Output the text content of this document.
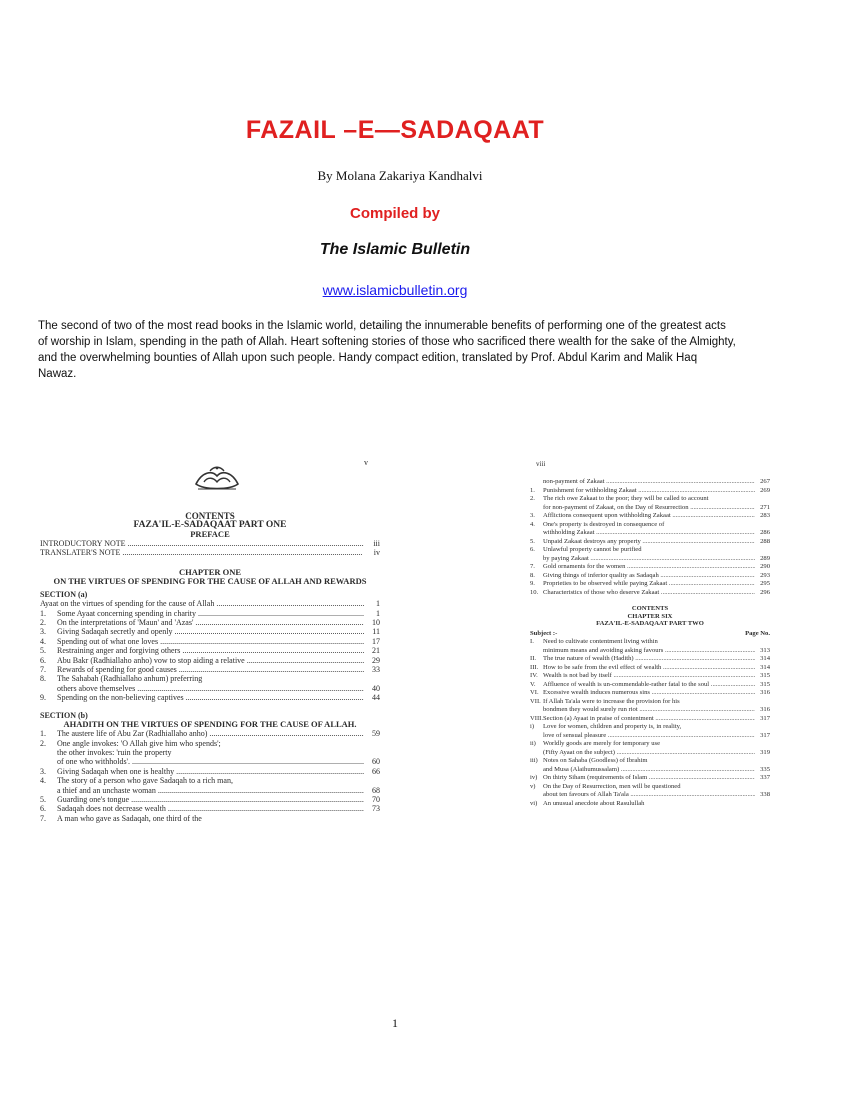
FAZAIL –E—SADAQAAT
By Molana Zakariya Kandhalvi
Compiled by
The Islamic Bulletin
www.islamicbulletin.org
The second of two of the most read books in the Islamic world, detailing the innumerable benefits of performing one of the greatest acts of worship in Islam, spending in the path of Allah. Heart softening stories of those who sacrificed there wealth for the sake of the Almighty, and the overwhelming bounties of Allah upon such people. Handy compact edition, translated by Prof. Abdul Karim and Malik Haq Nawaz.
v
CONTENTS
FAZA'IL-E-SADAQAAT PART ONE
PREFACE
INTRODUCTORY NOTE .....	iii
TRANSLATER'S NOTE .....	iv
CHAPTER ONE
ON THE VIRTUES OF SPENDING FOR THE CAUSE OF ALLAH AND REWARDS
SECTION (a)
Ayaat on the virtues of spending for the cause of Allah .....	1
1.	Some Ayaat concerning spending in charity .....	1
2.	On the interpretations of 'Maun' and 'Azas' .....	10
3.	Giving Sadaqah secretly and openly .....	11
4.	Spending out of what one loves .....	17
5.	Restraining anger and forgiving others .....	21
6.	Abu Bakr (Radhiallaho anho) vow to stop aiding a relative .....	29
7.	Rewards of spending for good causes .....	33
8.	The Sahabah (Radhiallaho anhum) preferring
others above themselves .....	40
9.	Spending on the non-believing captives .....	44
SECTION (b)
AHADITH ON THE VIRTUES OF SPENDING FOR THE CAUSE OF ALLAH.
1.	The austere life of Abu Zar (Radhiallaho anho) .....	59
2.	One angle invokes: 'O Allah give him who spends';
the other invokes: 'ruin the property
of one who withholds'. .....	60
3.	Giving Sadaqah when one is healthy .....	66
4.	The story of a person who gave Sadaqah to a rich man,
a thief and an unchaste woman .....	68
5.	Guarding one's tongue .....	70
6.	Sadaqah does not decrease wealth .....	73
7.	A man who gave as Sadaqah, one third of the
viii
non-payment of Zakaat .....	267
1.	Punishment for withholding Zakaat .....	269
2.	The rich owe Zakaat to the poor; they will be called to account
for non-payment of Zakaat, on the Day of Resurrection .....	271
3.	Afflictions consequent upon withholding Zakaat .....	283
4.	One's property is destroyed in consequence of
withholding Zakaat .....	286
5.	Unpaid Zakaat destroys any property .....	288
6.	Unlawful property cannot be purified
by paying Zakaat .....	289
7.	Gold ornaments for the women .....	290
8.	Giving things of inferior quality as Sadaqah .....	293
9.	Proprieties to be observed while paying Zakaat .....	295
10. Characteristics of those who deserve Zakaat .....	296
CONTENTS
CHAPTER SIX
FAZA'IL-E-SADAQAAT PART TWO
Subject :-	Page No.
I.	Need to cultivate contentment living within
minimum means and avoiding asking favours .....	313
II.	The true nature of wealth (Hadith) .....	314
III. How to be safe from the evil effect of wealth .....	314
IV. Wealth is not bad by itself .....	315
V.	Affluence of wealth is un-commendable-rather fatal to the soul .....	315
VI. Excessive wealth induces numerous sins .....	316
VII. If Allah Ta'ala were to increase the provision for his
bondmen they would surely run riot .....	316
VIII. Section (a) Ayaat in praise of contentment .....	317
i)	Love for women, children and property is, in reality,
love of sensual pleasure .....	317
ii)	Worldly goods are merely for temporary use
(Fifty Ayaat on the subject) .....	319
iii) Notes on Sahaba (Goodless) of Ibrahim
and Musa (Alaihumussalam) .....	335
iv) On thirty Siham (requirements of Islam .....	337
v)	On the Day of Resurrection, men will be questioned
about ten favours of Allah Ta'ala .....	338
vi) An unusual anecdote about Rasulullah
1
